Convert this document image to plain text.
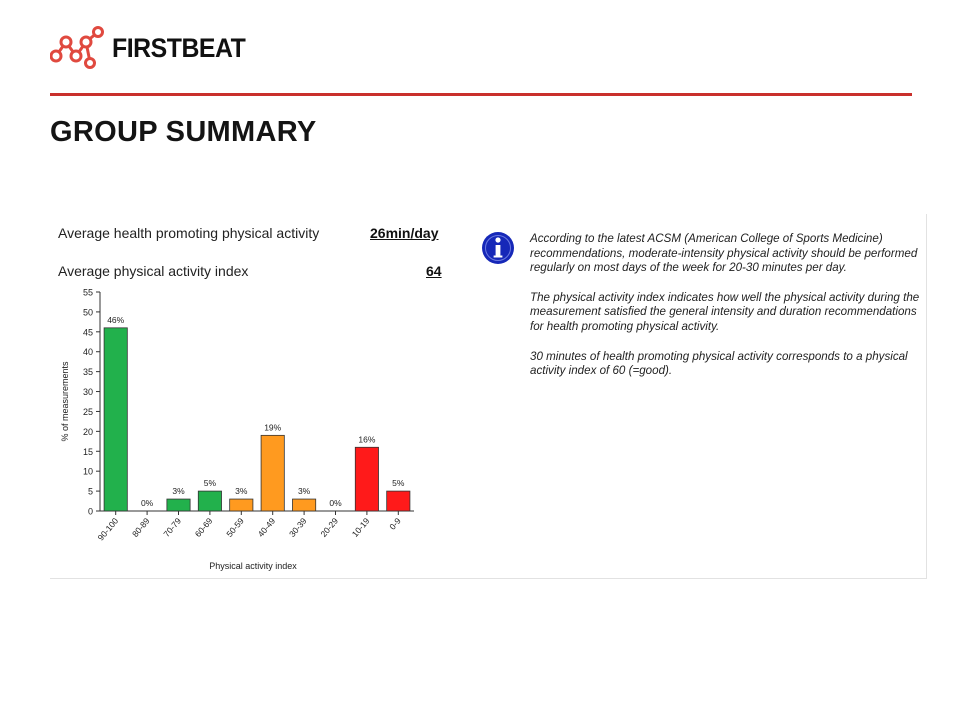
FIRSTBEAT
GROUP SUMMARY
Average health promoting physical activity	26min/day
Average physical activity index	64
0
5
10
15
20
25
30
35
40
45
50
55
% of measurements
46%
90-100
0%
80-89
3%
70-79
5%
60-69
3%
50-59
19%
40-49
3%
30-39
0%
20-29
16%
10-19
5%
0-9
Physical activity index

According to the latest ACSM (American College of Sports Medicine) recommendations, moderate-intensity physical activity should be performed regularly on most days of the week for 20-30 minutes per day.

The physical activity index indicates how well the physical activity during the measurement satisfied the general intensity and duration recommendations for health promoting physical activity.

30 minutes of health promoting physical activity corresponds to a physical activity index of 60 (=good).
